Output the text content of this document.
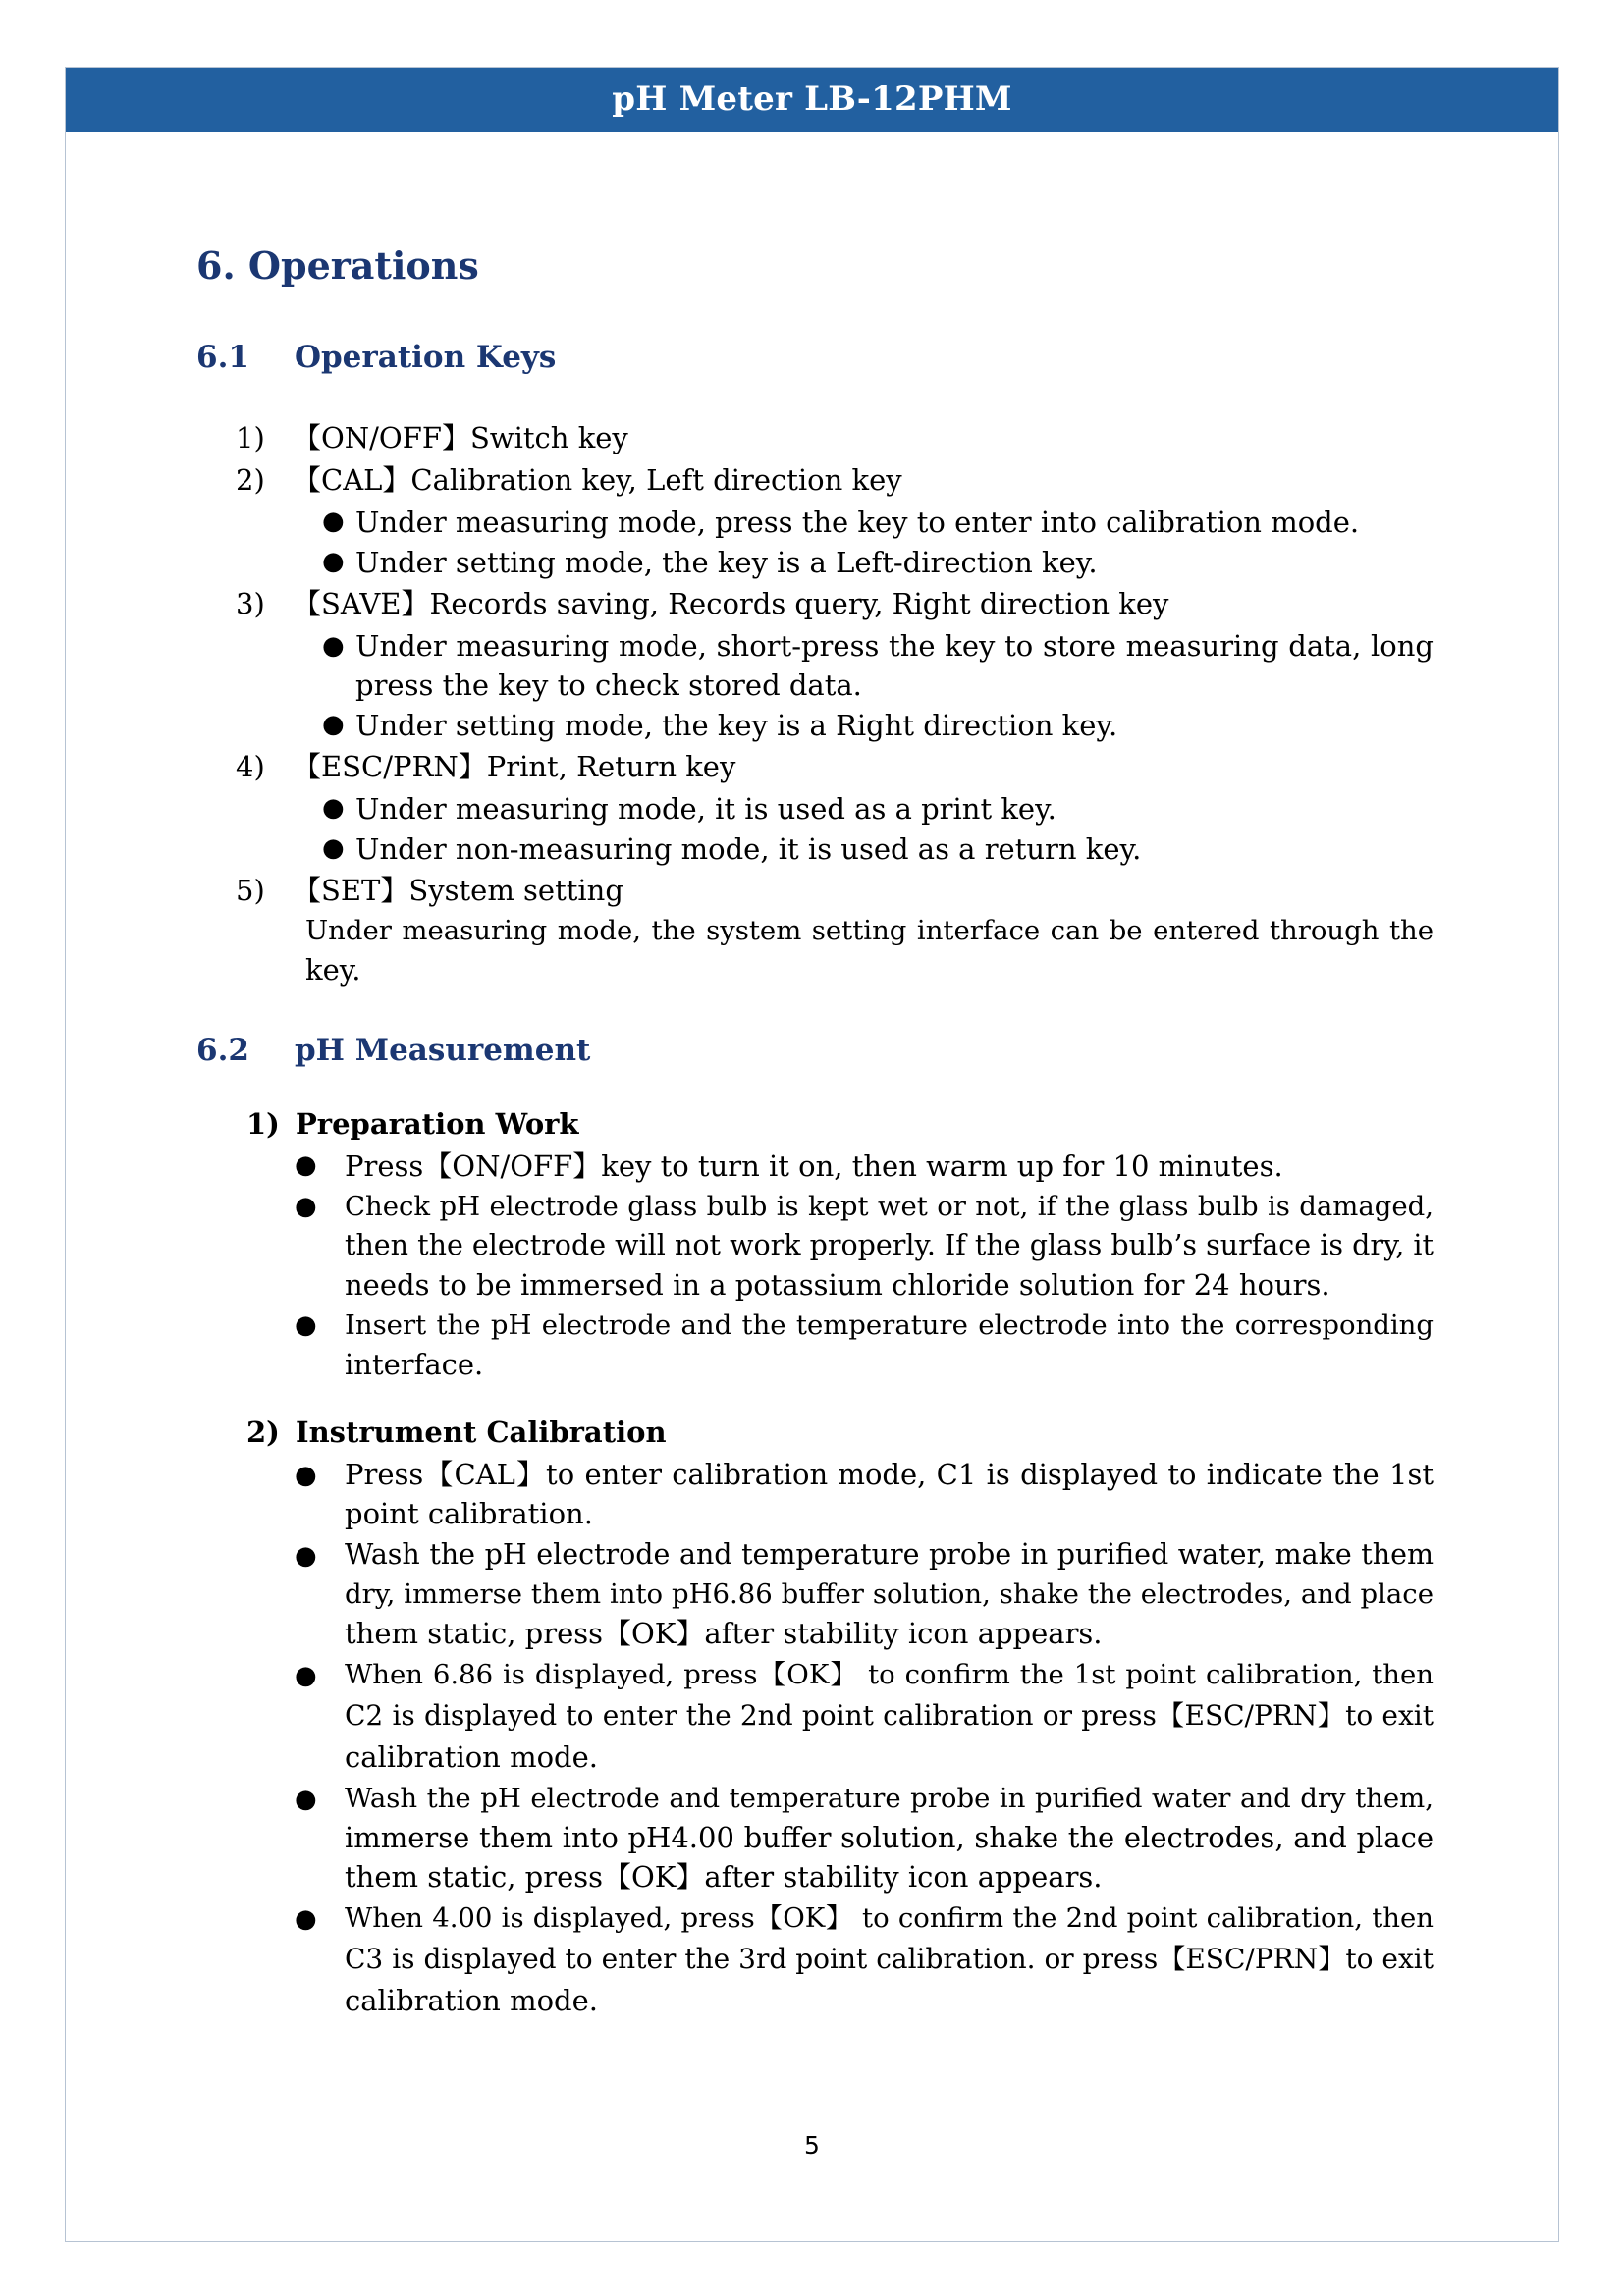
pH Meter LB-12PHM
6. Operations
6.1 Operation Keys
1) 【ON/OFF】Switch key
2) 【CAL】Calibration key, Left direction key
● Under measuring mode, press the key to enter into calibration mode.
● Under setting mode, the key is a Left-direction key.
3) 【SAVE】Records saving, Records query, Right direction key
● Under measuring mode, short-press the key to store measuring data, long
press the key to check stored data.
● Under setting mode, the key is a Right direction key.
4) 【ESC/PRN】Print, Return key
● Under measuring mode, it is used as a print key.
● Under non-measuring mode, it is used as a return key.
5) 【SET】System setting
Under measuring mode, the system setting interface can be entered through the
key.
6.2 pH Measurement
1) Preparation Work
● Press【ON/OFF】key to turn it on, then warm up for 10 minutes.
● Check pH electrode glass bulb is kept wet or not, if the glass bulb is damaged,
then the electrode will not work properly. If the glass bulb’s surface is dry, it
needs to be immersed in a potassium chloride solution for 24 hours.
● Insert the pH electrode and the temperature electrode into the corresponding
interface.
2) Instrument Calibration
● Press【CAL】to enter calibration mode, C1 is displayed to indicate the 1st
point calibration.
● Wash the pH electrode and temperature probe in purified water, make them
dry, immerse them into pH6.86 buffer solution, shake the electrodes, and place
them static, press【OK】after stability icon appears.
● When 6.86 is displayed, press【OK】 to confirm the 1st point calibration, then
C2 is displayed to enter the 2nd point calibration or press【ESC/PRN】to exit
calibration mode.
● Wash the pH electrode and temperature probe in purified water and dry them,
immerse them into pH4.00 buffer solution, shake the electrodes, and place
them static, press【OK】after stability icon appears.
● When 4.00 is displayed, press【OK】 to confirm the 2nd point calibration, then
C3 is displayed to enter the 3rd point calibration. or press【ESC/PRN】to exit
calibration mode.
5
